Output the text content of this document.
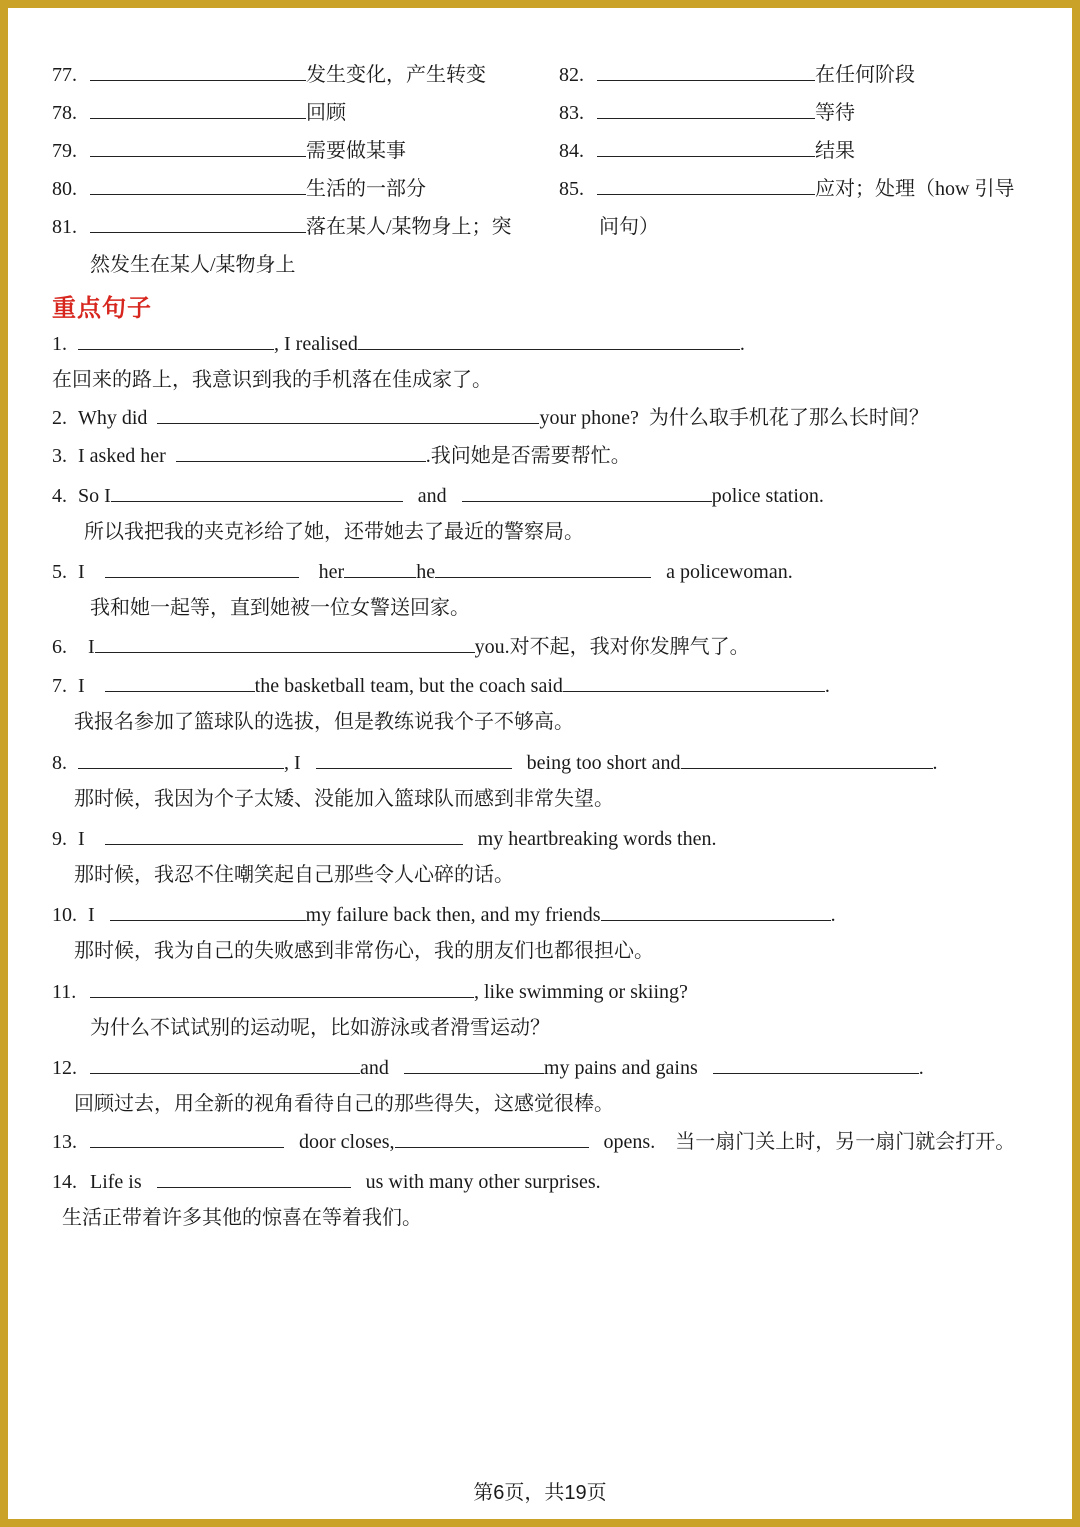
77.	发生变化，产生转变
78.	回顾
79.	需要做某事
80.	生活的一部分
81.	落在某人/某物身上；突
然发生在某人/某物身上
82.	在任何阶段
83.	等待
84.	结果
85.	应对；处理（how 引导
问句）
重点句子
1.	, I realised	.
在回来的路上，我意识到我的手机落在佳成家了。
2. Why did	your phone? 为什么取手机花了那么长时间？
3. I asked her	.我问她是否需要帮忙。
4. So I	and	police station.
所以我把我的夹克衫给了她，还带她去了最近的警察局。
5. I	her	he	a policewoman.
我和她一起等，直到她被一位女警送回家。
6. I	you.对不起，我对你发脾气了。
7. I	the basketball team, but the coach said	.
我报名参加了篮球队的选拔，但是教练说我个子不够高。
8.	, I	being too short and	.
那时候，我因为个子太矮、没能加入篮球队而感到非常失望。
9. I	my heartbreaking words then.
那时候，我忍不住嘲笑起自己那些令人心碎的话。
10. I	my failure back then, and my friends	.
那时候，我为自己的失败感到非常伤心，我的朋友们也都很担心。
11.	, like swimming or skiing?
为什么不试试别的运动呢，比如游泳或者滑雪运动？
12.	and	my pains and gains	.
回顾过去，用全新的视角看待自己的那些得失，这感觉很棒。
13.	door closes,	opens. 当一扇门关上时，另一扇门就会打开。
14. Life is	us with many other surprises.
生活正带着许多其他的惊喜在等着我们。
第6页，共19页
